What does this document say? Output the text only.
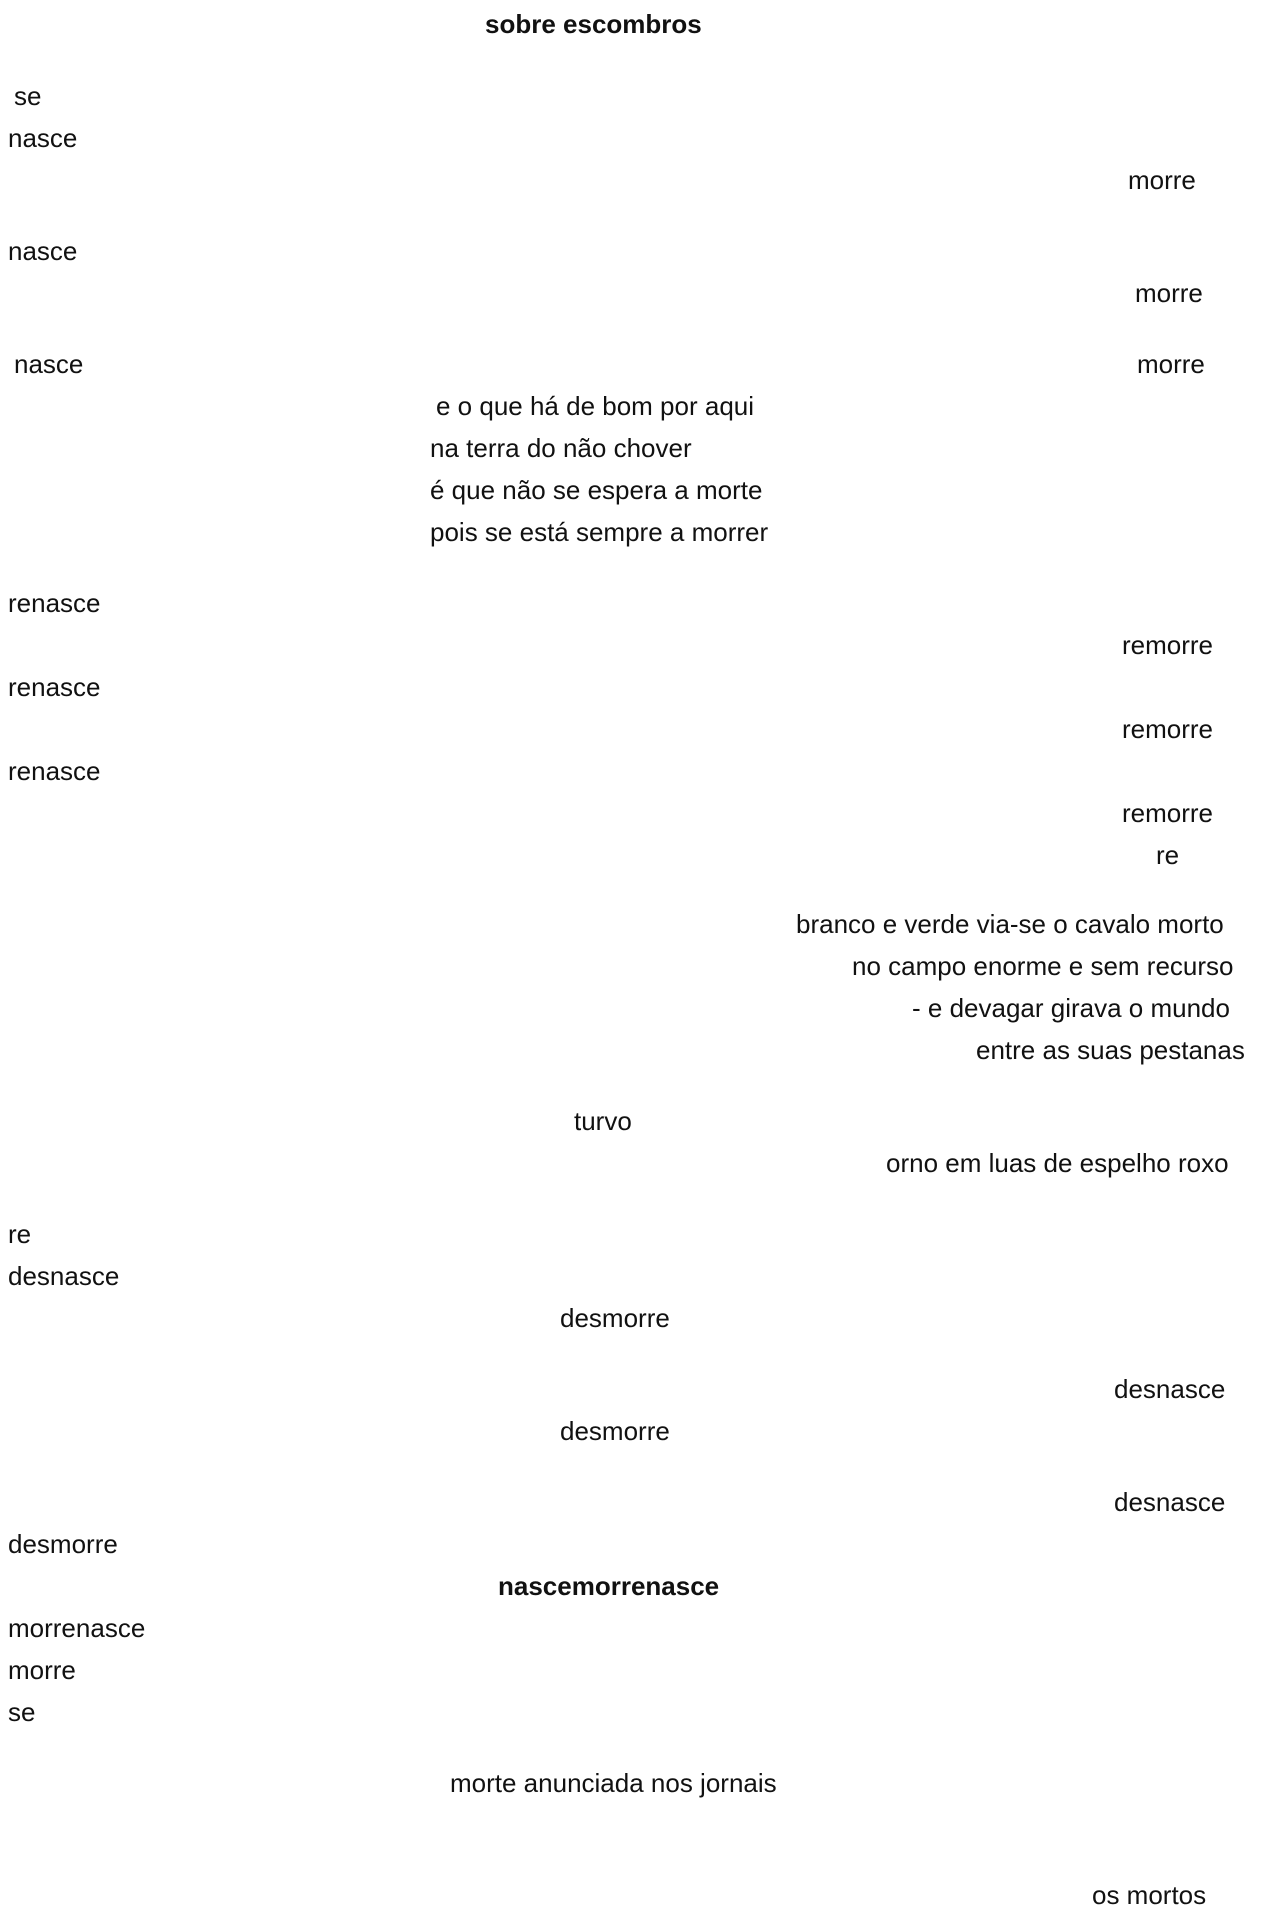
sobre escombros
se
nasce
morre
nasce
morre
nasce	morre
e o que há de bom por aqui
na terra do não chover
é que não se espera a morte
pois se está sempre a morrer
renasce
remorre
renasce
remorre
renasce
remorre
re
branco e verde via-se o cavalo morto
no campo enorme e sem recurso
- e devagar girava o mundo
entre as suas pestanas
turvo
orno em luas de espelho roxo
re
desnasce
desmorre
desnasce
desmorre
desnasce
desmorre
nascemorrenasce
morrenasce
morre
se
morte anunciada nos jornais
os mortos
